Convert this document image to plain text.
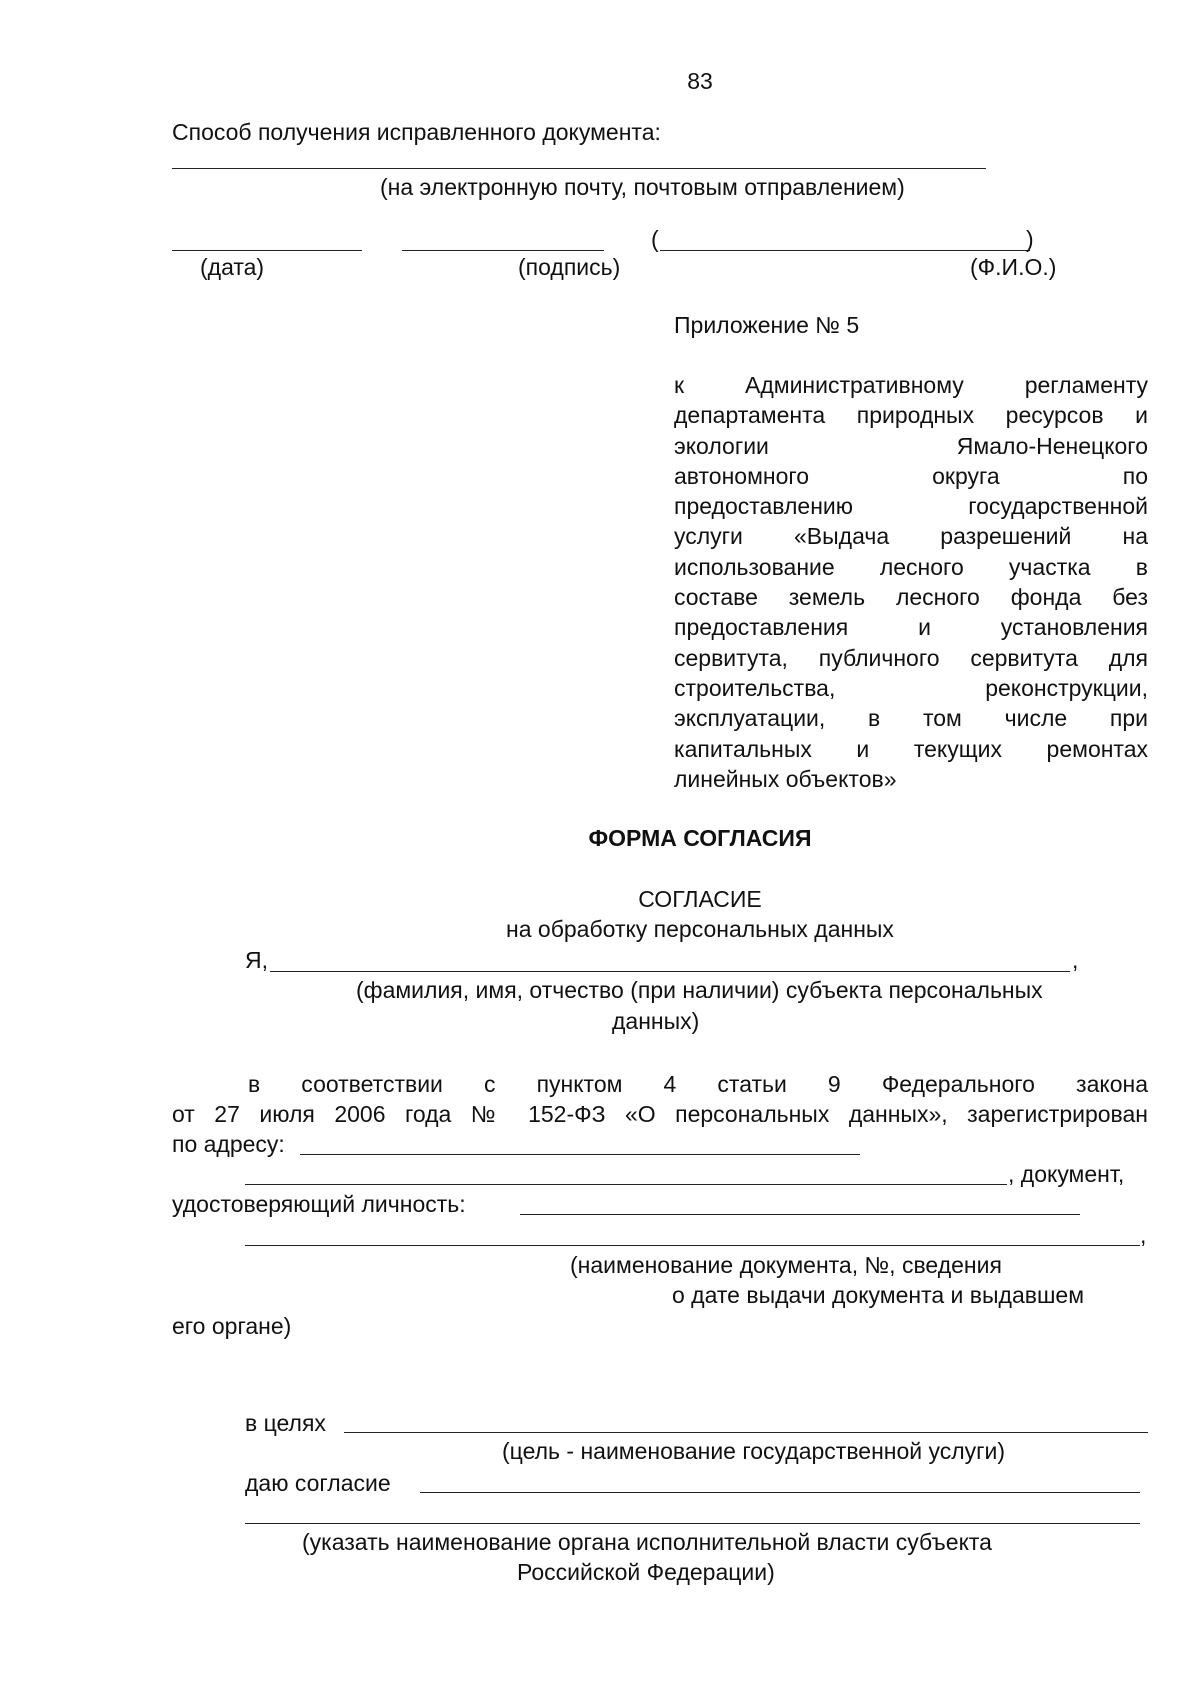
83
Способ получения исправленного документа:
(на электронную почту, почтовым отправлением)
(	)
(дата)	(подпись)	(Ф.И.О.)
Приложение № 5

к Административному регламенту

департамента природных ресурсов и

экологии Ямало-Ненецкого

автономного округа по

предоставлению государственной

услуги «Выдача разрешений на

использование лесного участка в

составе земель лесного фонда без

предоставления и установления

сервитута, публичного сервитута для

строительства, реконструкции,

эксплуатации, в том числе при

капитальных и текущих ремонтах

линейных объектов»

ФОРМА СОГЛАСИЯ
СОГЛАСИЕ
на обработку персональных данных
Я,	,
(фамилия, имя, отчество (при наличии) субъекта персональных
данных)
в соответствии с пунктом 4 статьи 9 Федерального закона
от 27 июля 2006 года № 152-ФЗ «О персональных данных», зарегистрирован
по адресу:
, документ,
удостоверяющий личность:
,
(наименование документа, №, сведения
о дате выдачи документа и выдавшем
его органе)
в целях
(цель - наименование государственной услуги)
даю согласие
(указать наименование органа исполнительной власти субъекта
Российской Федерации)
